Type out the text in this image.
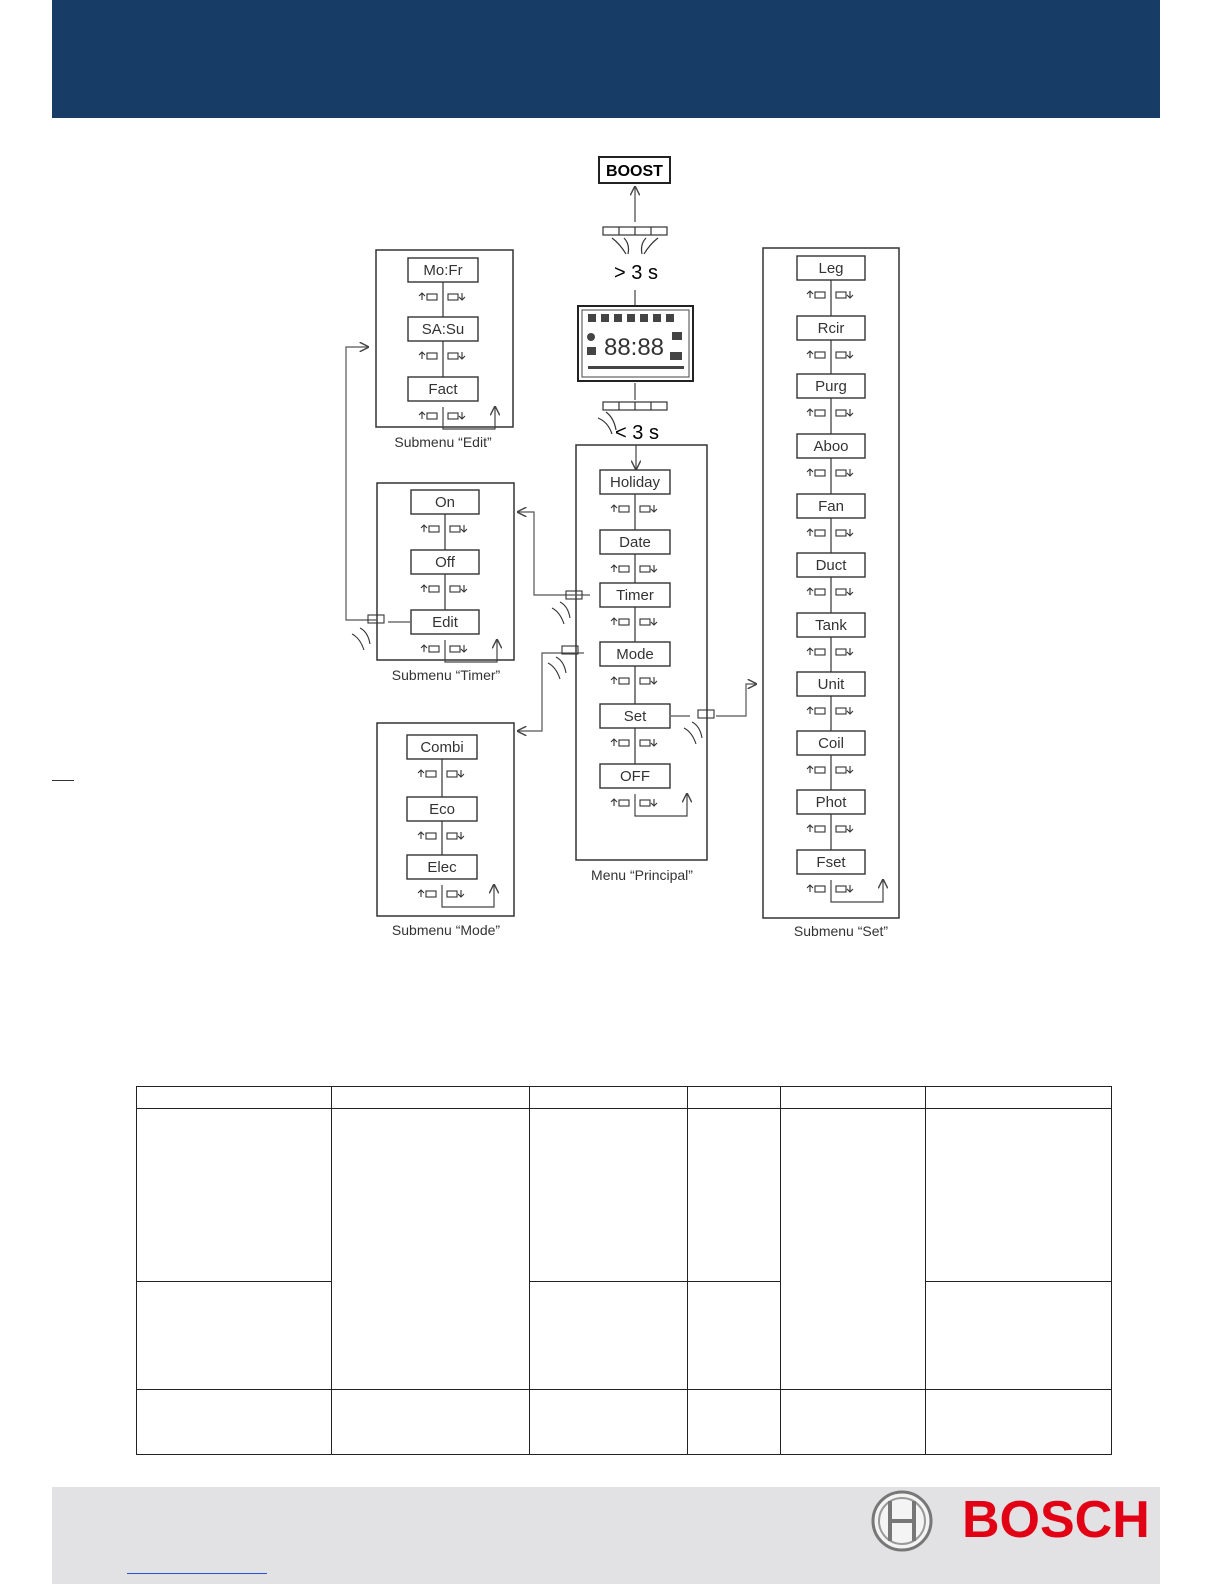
BOOST
> 3 s
88:88
< 3 s
Mo:Fr
SA:Su
Fact
Submenu “Edit”
On
Off
Edit
Submenu “Timer”
Combi
Eco
Elec
Submenu “Mode”
Holiday
Date
Timer
Mode
Set
OFF
Menu “Principal”
Leg
Rcir
Purg
Aboo
Fan
Duct
Tank
Unit
Coil
Phot
Fset
Submenu “Set”

BOSCH
